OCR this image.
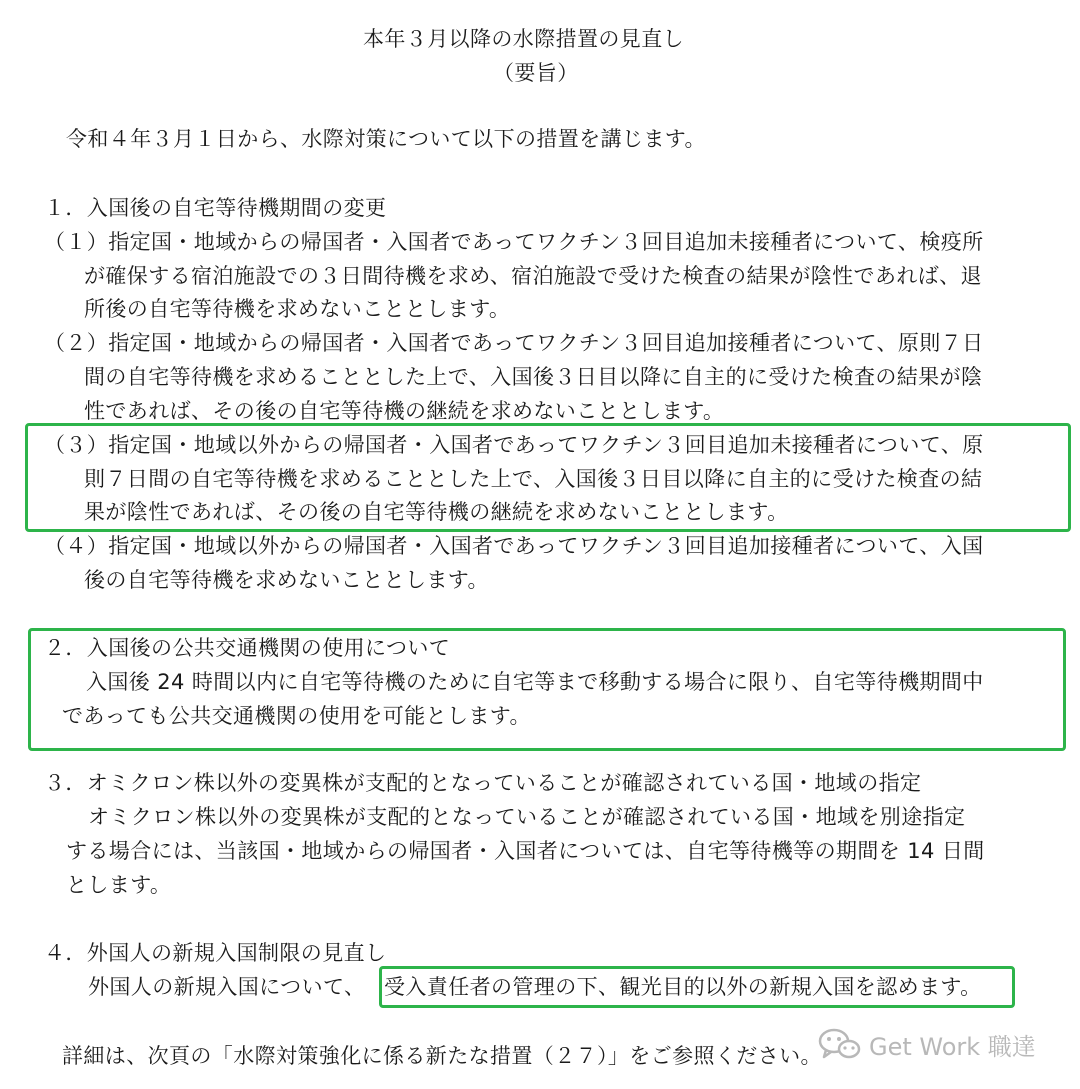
本年３月以降の水際措置の見直し
（要旨）
令和４年３月１日から、水際対策について以下の措置を講じます。
１．入国後の自宅等待機期間の変更
（１）指定国・地域からの帰国者・入国者であってワクチン３回目追加未接種者について、検疫所
が確保する宿泊施設での３日間待機を求め、宿泊施設で受けた検査の結果が陰性であれば、退
所後の自宅等待機を求めないこととします。
（２）指定国・地域からの帰国者・入国者であってワクチン３回目追加接種者について、原則７日
間の自宅等待機を求めることとした上で、入国後３日目以降に自主的に受けた検査の結果が陰
性であれば、その後の自宅等待機の継続を求めないこととします。
（３）指定国・地域以外からの帰国者・入国者であってワクチン３回目追加未接種者について、原
則７日間の自宅等待機を求めることとした上で、入国後３日目以降に自主的に受けた検査の結
果が陰性であれば、その後の自宅等待機の継続を求めないこととします。
（４）指定国・地域以外からの帰国者・入国者であってワクチン３回目追加接種者について、入国
後の自宅等待機を求めないこととします。
２．入国後の公共交通機関の使用について
入国後 24 時間以内に自宅等待機のために自宅等まで移動する場合に限り、自宅等待機期間中
であっても公共交通機関の使用を可能とします。
３．オミクロン株以外の変異株が支配的となっていることが確認されている国・地域の指定
オミクロン株以外の変異株が支配的となっていることが確認されている国・地域を別途指定
する場合には、当該国・地域からの帰国者・入国者については、自宅等待機等の期間を 14 日間
とします。
４．外国人の新規入国制限の見直し
外国人の新規入国について、 受入責任者の管理の下、観光目的以外の新規入国を認めます。
詳細は、次頁の「水際対策強化に係る新たな措置（２７）」をご参照ください。 Get Work 職達
